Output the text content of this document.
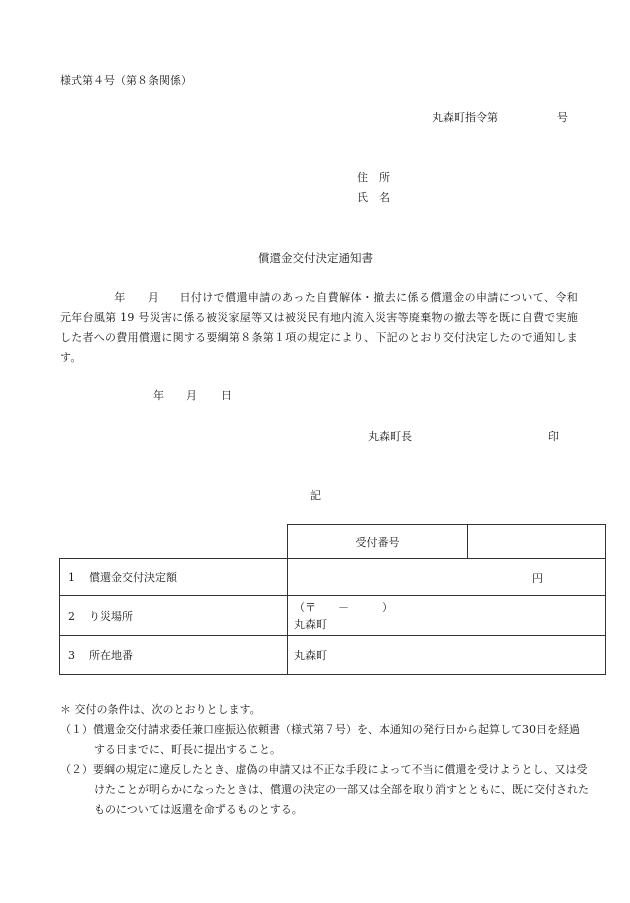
様式第４号（第８条関係）
丸森町指令第	号
住　所
氏　名
償還金交付決定通知書
年 月 日付けで償還申請のあった自費解体・撤去に係る償還金の申請について、令和元年台風第 19 号災害に係る被災家屋等又は被災民有地内流入災害等廃棄物の撤去等を既に自費で実施した者への費用償還に関する要綱第８条第１項の規定により、下記のとおり交付決定したので通知します。
年 月 日
丸森町長	印
記
	受付番号	
1 償還金交付決定額	円	

2 り災場所	（〒　　－　　　）
丸森町	

3 所在地番	丸森町	
＊ 交付の条件は、次のとおりとします。
（１）償還金交付請求委任兼口座振込依頼書（様式第７号）を、本通知の発行日から起算して30日を経過する日までに、町長に提出すること。
（２）要綱の規定に違反したとき、虚偽の申請又は不正な手段によって不当に償還を受けようとし、又は受けたことが明らかになったときは、償還の決定の一部又は全部を取り消すとともに、既に交付されたものについては返還を命ずるものとする。
